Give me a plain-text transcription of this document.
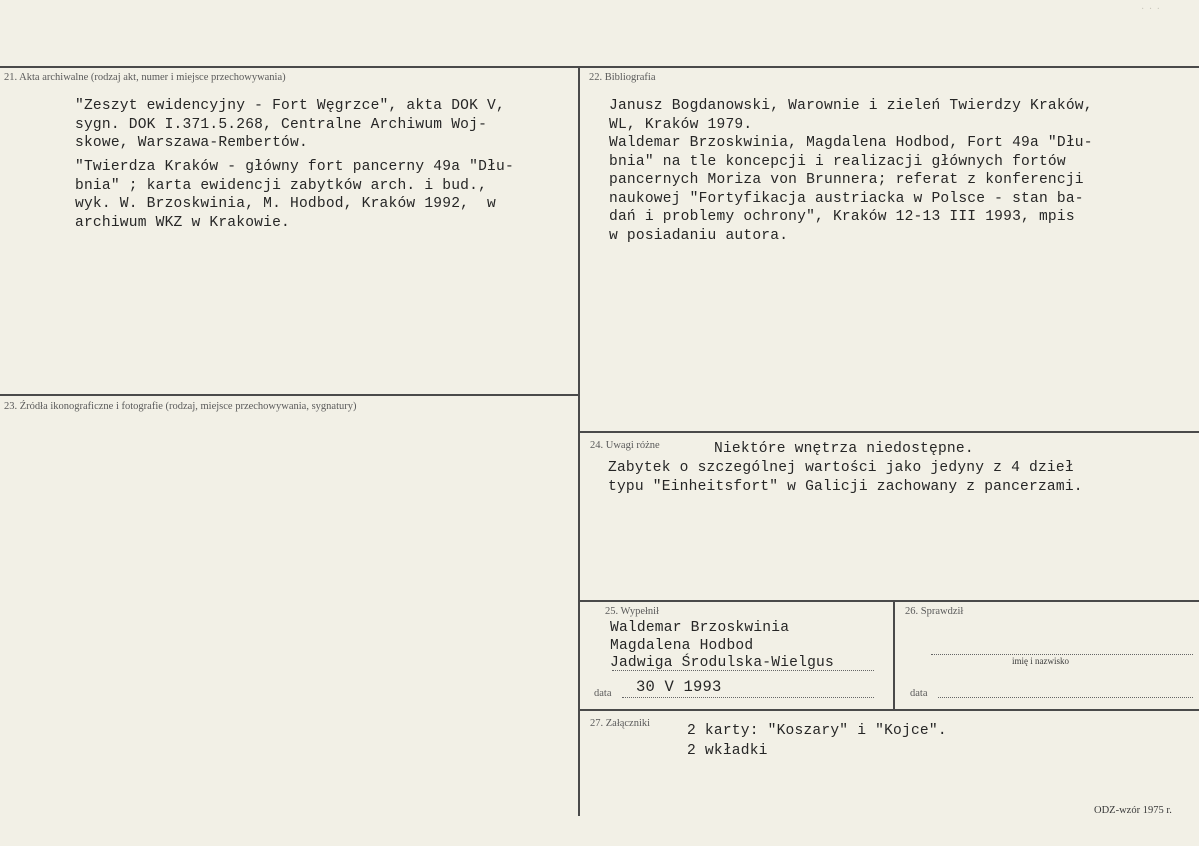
· · ·
21. Akta archiwalne (rodzaj akt, numer i miejsce przechowywania)
"Zeszyt ewidencyjny - Fort Węgrzce", akta DOK V,
sygn. DOK I.371.5.268, Centralne Archiwum Woj-
skowe, Warszawa-Rembertów.
"Twierdza Kraków - główny fort pancerny 49a "Dłu-
bnia" ; karta ewidencji zabytków arch. i bud.,
wyk. W. Brzoskwinia, M. Hodbod, Kraków 1992,  w
archiwum WKZ w Krakowie.
22. Bibliografia
Janusz Bogdanowski, Warownie i zieleń Twierdzy Kraków,
WL, Kraków 1979.
Waldemar Brzoskwinia, Magdalena Hodbod, Fort 49a "Dłu-
bnia" na tle koncepcji i realizacji głównych fortów
pancernych Moriza von Brunnera; referat z konferencji
naukowej "Fortyfikacja austriacka w Polsce - stan ba-
dań i problemy ochrony", Kraków 12-13 III 1993, mpis
w posiadaniu autora.
23. Źródła ikonograficzne i fotografie (rodzaj, miejsce przechowywania, sygnatury)
24. Uwagi różne	Niektóre wnętrza niedostępne.
Zabytek o szczególnej wartości jako jedyny z 4 dzieł
typu "Einheitsfort" w Galicji zachowany z pancerzami.
25. Wypełnił
Waldemar Brzoskwinia
Magdalena Hodbod
Jadwiga Środulska-Wielgus
data 30 V 1993
26. Sprawdził
imię i nazwisko
data
27. Załączniki	2 karty: "Koszary" i "Kojce".
2 wkładki
ODZ-wzór 1975 r.
